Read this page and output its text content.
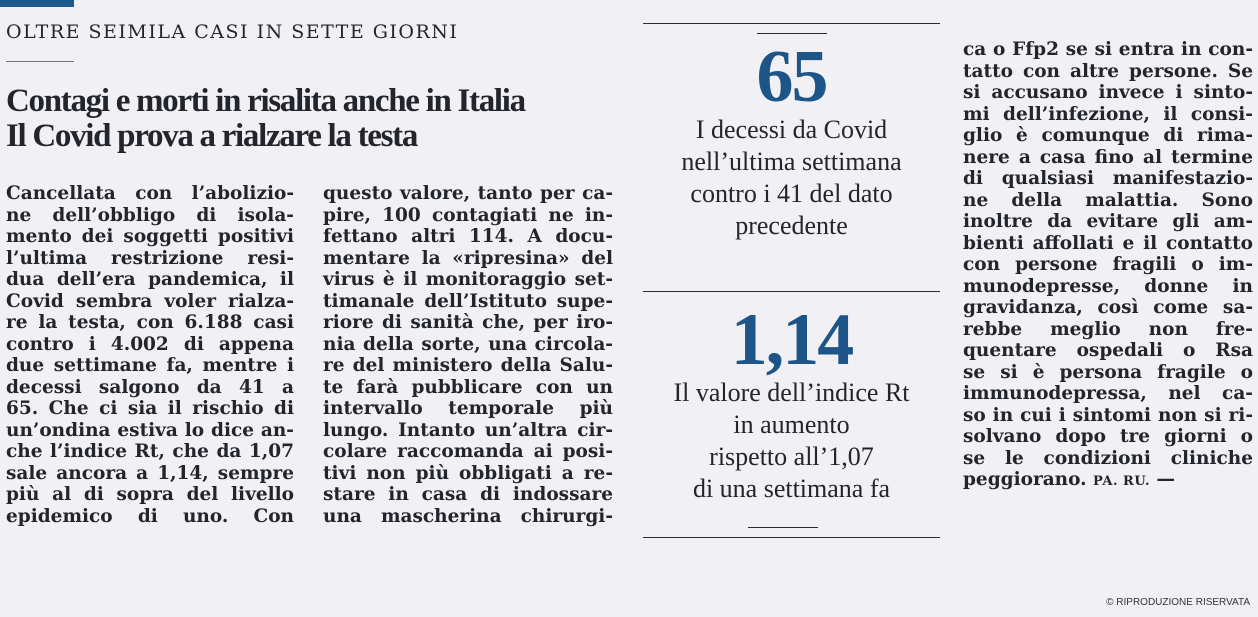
OLTRE SEIMILA CASI IN SETTE GIORNI
Contagi e morti in risalita anche in Italia
Il Covid prova a rialzare la testa
Cancellata con l’abolizio-
ne dell’obbligo di isola-
mento dei soggetti positivi
l’ultima restrizione resi-
dua dell’era pandemica, il
Covid sembra voler rialza-
re la testa, con 6.188 casi
contro i 4.002 di appena
due settimane fa, mentre i
decessi salgono da 41 a
65. Che ci sia il rischio di
un’ondina estiva lo dice an-
che l’indice Rt, che da 1,07
sale ancora a 1,14, sempre
più al di sopra del livello
epidemico di uno. Con
questo valore, tanto per ca-
pire, 100 contagiati ne in-
fettano altri 114. A docu-
mentare la «ripresina» del
virus è il monitoraggio set-
timanale dell’Istituto supe-
riore di sanità che, per iro-
nia della sorte, una circola-
re del ministero della Salu-
te farà pubblicare con un
intervallo temporale più
lungo. Intanto un’altra cir-
colare raccomanda ai posi-
tivi non più obbligati a re-
stare in casa di indossare
una mascherina chirurgi-
65
I decessi da Covid
nell’ultima settimana
contro i 41 del dato
precedente
1,14
Il valore dell’indice Rt
in aumento
rispetto all’1,07
di una settimana fa
ca o Ffp2 se si entra in con-
tatto con altre persone. Se
si accusano invece i sinto-
mi dell’infezione, il consi-
glio è comunque di rima-
nere a casa fino al termine
di qualsiasi manifestazio-
ne della malattia. Sono
inoltre da evitare gli am-
bienti affollati e il contatto
con persone fragili o im-
munodepresse, donne in
gravidanza, così come sa-
rebbe meglio non fre-
quentare ospedali o Rsa
se si è persona fragile o
immunodepressa, nel ca-
so in cui i sintomi non si ri-
solvano dopo tre giorni o
se le condizioni cliniche
peggiorano. PA. RU. —
© RIPRODUZIONE RISERVATA
